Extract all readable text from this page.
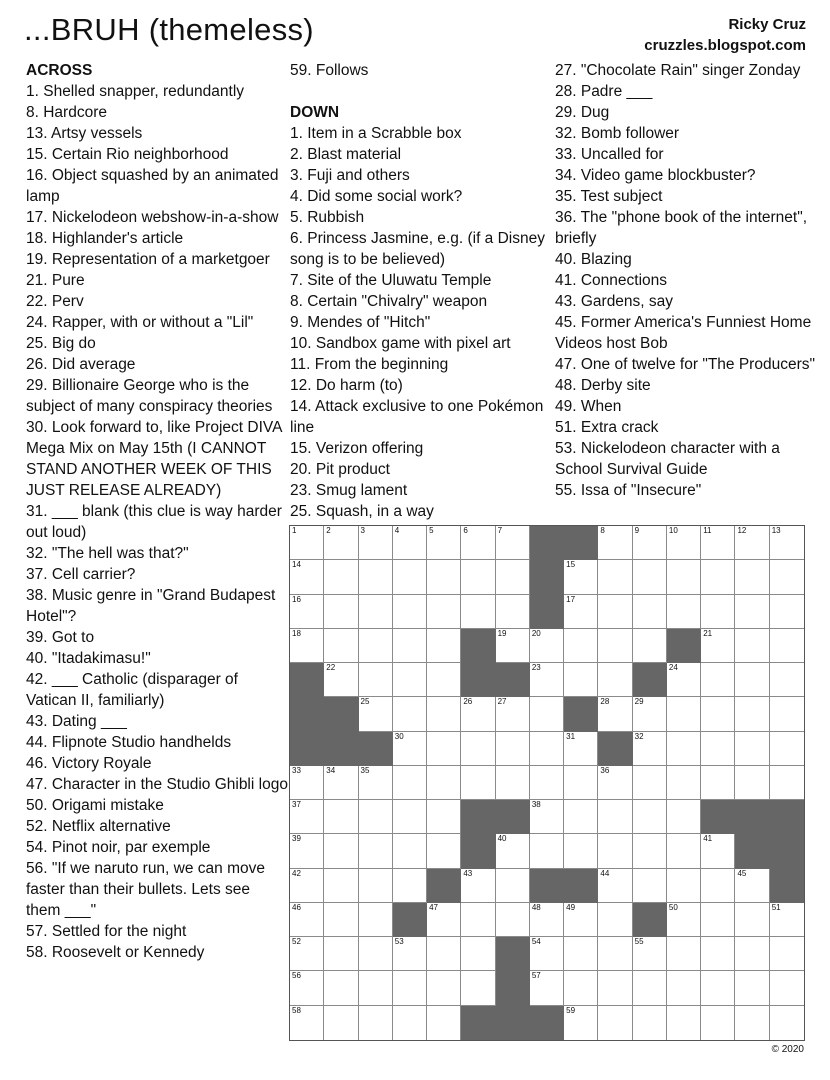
...BRUH (themeless)	Ricky Cruz
cruzzles.blogspot.com
ACROSS

1. Shelled snapper, redundantly

8. Hardcore

13. Artsy vessels

15. Certain Rio neighborhood

16. Object squashed by an animated lamp

17. Nickelodeon webshow-in-a-show

18. Highlander's article

19. Representation of a marketgoer

21. Pure

22. Perv

24. Rapper, with or without a "Lil"

25. Big do

26. Did average

29. Billionaire George who is the subject of many conspiracy theories

30. Look forward to, like Project DIVA Mega Mix on May 15th (I CANNOT STAND ANOTHER WEEK OF THIS JUST RELEASE ALREADY)

31. ___ blank (this clue is way harder out loud)

32. "The hell was that?"

37. Cell carrier?

38. Music genre in "Grand Budapest Hotel"?

39. Got to

40. "Itadakimasu!"

42. ___ Catholic (disparager of Vatican II, familiarly)

43. Dating ___

44. Flipnote Studio handhelds

46. Victory Royale

47. Character in the Studio Ghibli logo

50. Origami mistake

52. Netflix alternative

54. Pinot noir, par exemple

56. "If we naruto run, we can move faster than their bullets. Lets see them ___"

57. Settled for the night

58. Roosevelt or Kennedy

59. Follows

DOWN

1. Item in a Scrabble box

2. Blast material

3. Fuji and others

4. Did some social work?

5. Rubbish

6. Princess Jasmine, e.g. (if a Disney song is to be believed)

7. Site of the Uluwatu Temple

8. Certain "Chivalry" weapon

9. Mendes of "Hitch"

10. Sandbox game with pixel art

11. From the beginning

12. Do harm (to)

14. Attack exclusive to one Pokémon line

15. Verizon offering

20. Pit product

23. Smug lament

25. Squash, in a way

27. "Chocolate Rain" singer Zonday

28. Padre ___

29. Dug

32. Bomb follower

33. Uncalled for

34. Video game blockbuster?

35. Test subject

36. The "phone book of the internet", briefly

40. Blazing

41. Connections

43. Gardens, say

45. Former America's Funniest Home Videos host Bob

47. One of twelve for "The Producers"

48. Derby site

49. When

51. Extra crack

53. Nickelodeon character with a School Survival Guide

55. Issa of "Insecure"

1	2	3	4	5	6	7	8	9	10	11	12	13
14	15
16	17
18	19	20	21
22	23	24
25	26	27	28	29
30	31	32
33	34	35	36
37	38
39	40	41
42	43	44	45
46	47	48	49	50	51
52	53	54	55
56	57
58	59
© 2020
